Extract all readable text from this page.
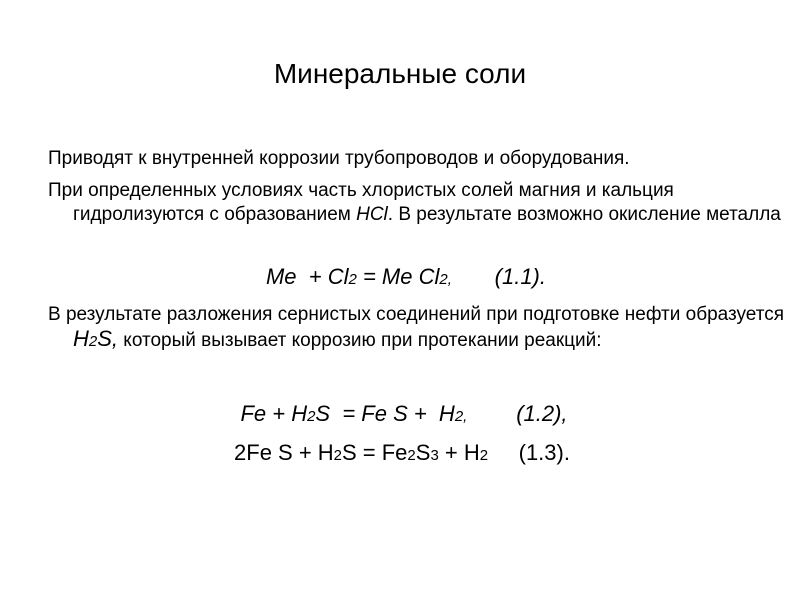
Минеральные соли
Приводят к внутренней коррозии трубопроводов и оборудования.
При определенных условиях часть хлористых солей магния и кальция гидролизуются с образованием HCl. В результате возможно окисление металла
Me  + Cl2 = Me Cl2,       (1.1).
В результате разложения сернистых соединений при подготовке нефти образуется H2S, который вызывает коррозию при протекании реакций:
Fe + H2S  = Fe S +  H2,        (1.2),
2Fe S + H2S = Fe2S3 + H2     (1.3).
